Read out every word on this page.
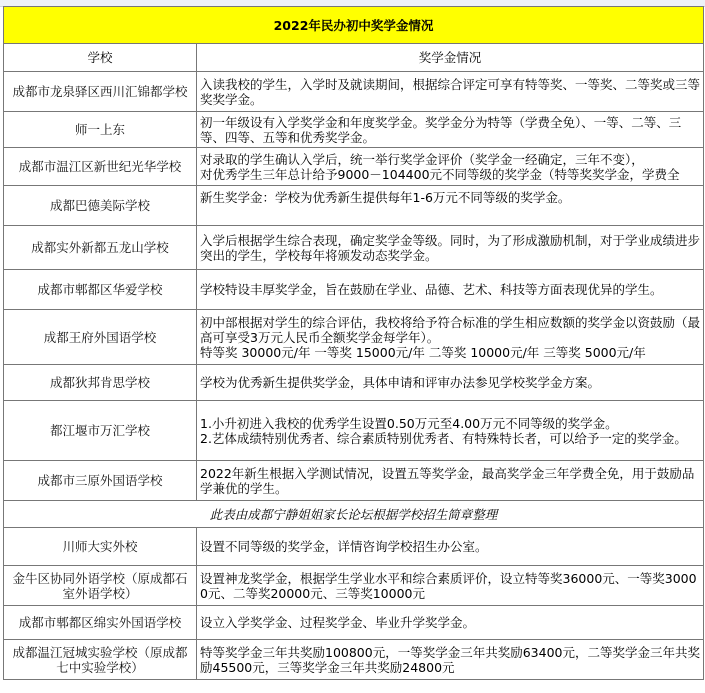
2022年民办初中奖学金情况	
学校	奖学金情况
成都市龙泉驿区西川汇锦都学校	入读我校的学生，入学时及就读期间，根据综合评定可享有特等奖、一等奖、二等奖或三等奖奖学金。
师一上东	初一年级设有入学奖学金和年度奖学金。奖学金分为特等（学费全免）、一等、二等、三等、四等、五等和优秀奖学金。
成都市温江区新世纪光华学校	对录取的学生确认入学后，统一举行奖学金评价（奖学金一经确定，三年不变），
对优秀学生三年总计给予9000－104400元不同等级的奖学金（特等奖奖学金，学费全

成都巴德美际学校	新生奖学金：学校为优秀新生提供每年1-6万元不同等级的奖学金。
成都实外新都五龙山学校	入学后根据学生综合表现，确定奖学金等级。同时，为了形成激励机制，对于学业成绩进步突出的学生，学校每年将颁发动态奖学金。
成都市郫都区华爱学校	学校特设丰厚奖学金，旨在鼓励在学业、品德、艺术、科技等方面表现优异的学生。
成都王府外国语学校	初中部根据对学生的综合评估，我校将给予符合标准的学生相应数额的奖学金以资鼓励（最高可享受3万元人民币全额奖学金每学年）。
特等奖 30000元/年 一等奖 15000元/年 二等奖 10000元/年 三等奖 5000元/年

成都狄邦肯思学校	学校为优秀新生提供奖学金，具体申请和评审办法参见学校奖学金方案。
都江堰市万汇学校	1.小升初进入我校的优秀学生设置0.50万元至4.00万元不同等级的奖学金。
2.艺体成绩特别优秀者、综合素质特别优秀者、有特殊特长者，可以给予一定的奖学金。

成都市三原外国语学校	2022年新生根据入学测试情况，设置五等奖学金，最高奖学金三年学费全免，用于鼓励品学兼优的学生。
此表由成都宁静姐姐家长论坛根据学校招生简章整理	
川师大实外校	设置不同等级的奖学金，详情咨询学校招生办公室。
金牛区协同外语学校（原成都石室外语学校）	设置神龙奖学金，根据学生学业水平和综合素质评价，设立特等奖36000元、一等奖30000元、二等奖20000元、三等奖10000元
成都市郫都区绵实外国语学校	设立入学奖学金、过程奖学金、毕业升学奖学金。
成都温江冠城实验学校（原成都七中实验学校）	特等奖学金三年共奖励100800元，一等奖学金三年共奖励63400元，二等奖学金三年共奖励45500元，三等奖学金三年共奖励24800元
